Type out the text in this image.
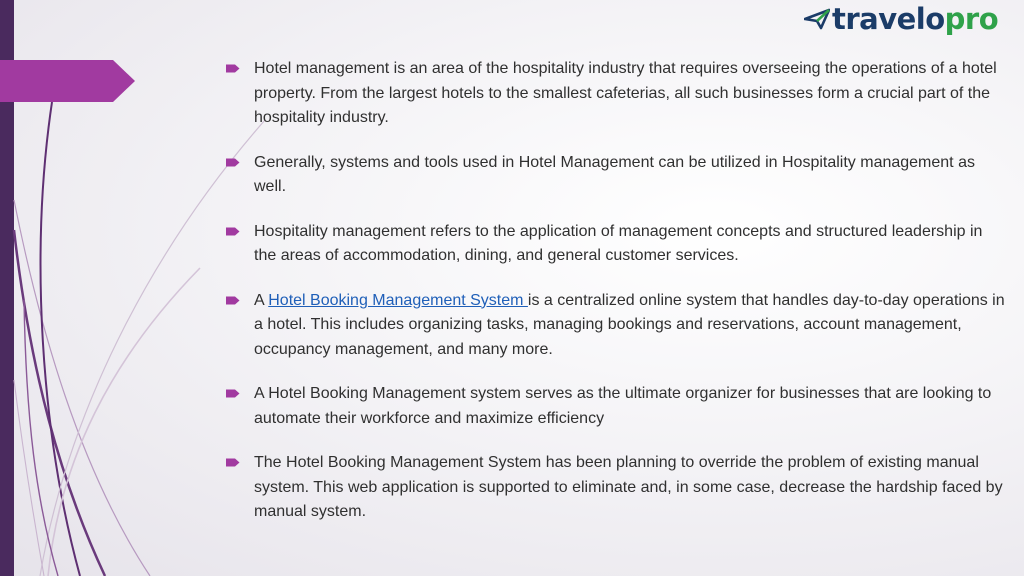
travelopro
Hotel management is an area of the hospitality industry that requires overseeing the operations of a hotel property. From the largest hotels to the smallest cafeterias, all such businesses form a crucial part of the hospitality industry.
Generally, systems and tools used in Hotel Management can be utilized in Hospitality management as well.
Hospitality management refers to the application of management concepts and structured leadership in the areas of accommodation, dining, and general customer services.
A Hotel Booking Management System is a centralized online system that handles day-to-day operations in a hotel. This includes organizing tasks, managing bookings and reservations, account management, occupancy management, and many more.
A Hotel Booking Management system serves as the ultimate organizer for businesses that are looking to automate their workforce and maximize efficiency
The Hotel Booking Management System has been planning to override the problem of existing manual system. This web application is supported to eliminate and, in some case, decrease the hardship faced by manual system.
